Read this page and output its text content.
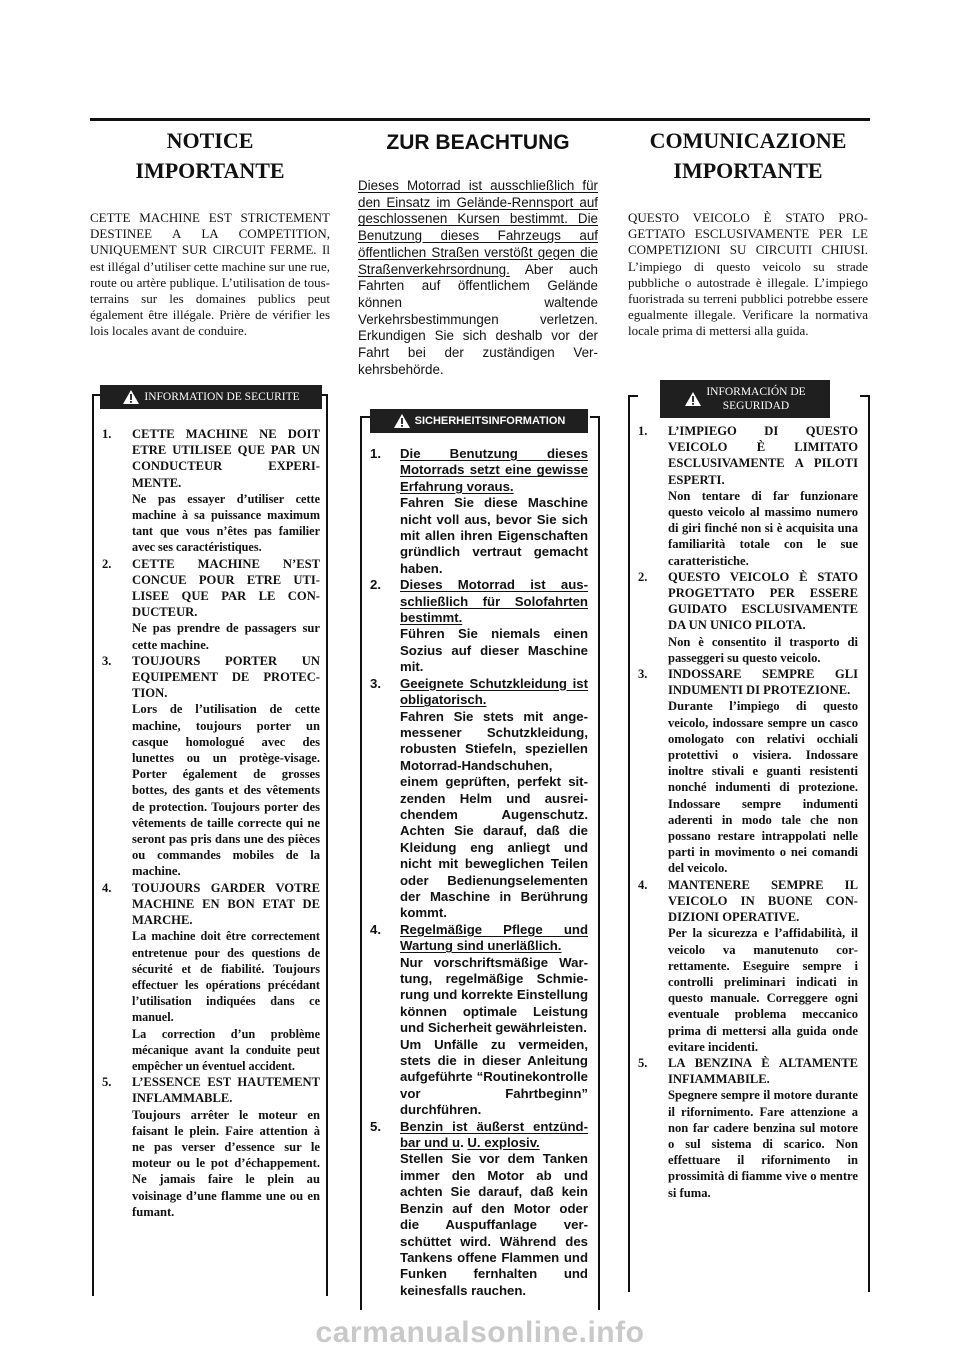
NOTICE
IMPORTANTE

CETTE MACHINE EST STRICTEMENT DESTINEE A LA COMPETITION, UNIQUEMENT SUR CIRCUIT FERME. Il est illégal d’utiliser cette machine sur une rue, route ou artère publique. L’utilisation de tous-terrains sur les domaines publics peut également être illégale. Prière de vérifier les lois locales avant de conduire.

INFORMATION DE SECURITE
1. CETTE MACHINE NE DOIT ETRE UTILISEE QUE PAR UN CONDUCTEUR EXPERIMENTE.

Ne pas essayer d’utiliser cette machine à sa puissance maximum tant que vous n’êtes pas familier avec ses caractéristiques.

2. CETTE MACHINE N’EST CONCUE POUR ETRE UTILISEE QUE PAR LE CONDUCTEUR.

Ne pas prendre de passagers sur cette machine.

3. TOUJOURS PORTER UN EQUIPEMENT DE PROTECTION.

Lors de l’utilisation de cette machine, toujours porter un casque homologué avec des lunettes ou un protège-visage. Porter également de grosses bottes, des gants et des vêtements de protection. Toujours porter des vêtements de taille correcte qui ne seront pas pris dans une des pièces ou commandes mobiles de la machine.

4. TOUJOURS GARDER VOTRE MACHINE EN BON ETAT DE MARCHE.

La machine doit être correctement entretenue pour des questions de sécurité et de fiabilité. Toujours effectuer les opérations précédant l’utilisation indiquées dans ce manuel.

La correction d’un problème mécanique avant la conduite peut empêcher un éventuel accident.

5. L’ESSENCE EST HAUTEMENT INFLAMMABLE.

Toujours arrêter le moteur en faisant le plein. Faire attention à ne pas verser d’essence sur le moteur ou le pot d’échappement. Ne jamais faire le plein au voisinage d’une flamme une ou en fumant.

ZUR BEACHTUNG

Dieses Motorrad ist ausschließlich für den Einsatz im Gelände-Rennsport auf geschlossenen Kursen bestimmt. Die Benutzung dieses Fahrzeugs auf öffentlichen Straßen verstößt gegen die Straßenverkehrsordnung. Aber auch Fahrten auf öffentlichem Gelände können waltende Verkehrsbestimmungen verletzen. Erkundigen Sie sich deshalb vor der Fahrt bei der zuständigen Verkehrsbehörde.

SICHERHEITSINFORMATION
1. Die Benutzung dieses Motorrads setzt eine gewisse Erfahrung voraus.

Fahren Sie diese Maschine nicht voll aus, bevor Sie sich mit allen ihren Eigenschaften gründlich vertraut gemacht haben.

2. Dieses Motorrad ist ausschließlich für Solofahrten bestimmt.

Führen Sie niemals einen Sozius auf dieser Maschine mit.

3. Geeignete Schutzkleidung ist obligatorisch.

Fahren Sie stets mit angemessener Schutzkleidung, robusten Stiefeln, speziellen Motorrad-Handschuhen, einem geprüften, perfekt sitzenden Helm und ausreichendem Augenschutz. Achten Sie darauf, daß die Kleidung eng anliegt und nicht mit beweglichen Teilen oder Bedienungselementen der Maschine in Berührung kommt.

4. Regelmäßige Pflege und Wartung sind unerläßlich.

Nur vorschriftsmäßige Wartung, regelmäßige Schmierung und korrekte Einstellung können optimale Leistung und Sicherheit gewährleisten.

Um Unfälle zu vermeiden, stets die in dieser Anleitung aufgeführte “Routinekontrolle vor Fahrtbeginn” durchführen.

5. Benzin ist äußerst entzündbar und u. U. explosiv.

Stellen Sie vor dem Tanken immer den Motor ab und achten Sie darauf, daß kein Benzin auf den Motor oder die Auspuffanlage verschüttet wird. Während des Tankens offene Flammen und Funken fernhalten und keinesfalls rauchen.

COMUNICAZIONE
IMPORTANTE

QUESTO VEICOLO È STATO PROGETTATO ESCLUSIVAMENTE PER LE COMPETIZIONI SU CIRCUITI CHIUSI. L’impiego di questo veicolo su strade pubbliche o autostrade è illegale. L’impiego fuoristrada su terreni pubblici potrebbe essere egualmente illegale. Verificare la normativa locale prima di mettersi alla guida.

INFORMACIÓN DE
SEGURIDAD
1. L’IMPIEGO DI QUESTO VEICOLO È LIMITATO ESCLUSIVAMENTE A PILOTI ESPERTI.

Non tentare di far funzionare questo veicolo al massimo numero di giri finché non si è acquisita una familiarità totale con le sue caratteristiche.

2. QUESTO VEICOLO È STATO PROGETTATO PER ESSERE GUIDATO ESCLUSIVAMENTE DA UN UNICO PILOTA.

Non è consentito il trasporto di passeggeri su questo veicolo.

3. INDOSSARE SEMPRE GLI INDUMENTI DI PROTEZIONE.

Durante l’impiego di questo veicolo, indossare sempre un casco omologato con relativi occhiali protettivi o visiera. Indossare inoltre stivali e guanti resistenti nonché indumenti di protezione. Indossare sempre indumenti aderenti in modo tale che non possano restare intrappolati nelle parti in movimento o nei comandi del veicolo.

4. MANTENERE SEMPRE IL VEICOLO IN BUONE CONDIZIONI OPERATIVE.

Per la sicurezza e l’affidabilità, il veicolo va manutenuto correttamente. Eseguire sempre i controlli preliminari indicati in questo manuale. Correggere ogni eventuale problema meccanico prima di mettersi alla guida onde evitare incidenti.

5. LA BENZINA È ALTAMENTE INFIAMMABILE.

Spegnere sempre il motore durante il rifornimento. Fare attenzione a non far cadere benzina sul motore o sul sistema di scarico. Non effettuare il rifornimento in prossimità di fiamme vive o mentre si fuma.

carmanualsonline.info
